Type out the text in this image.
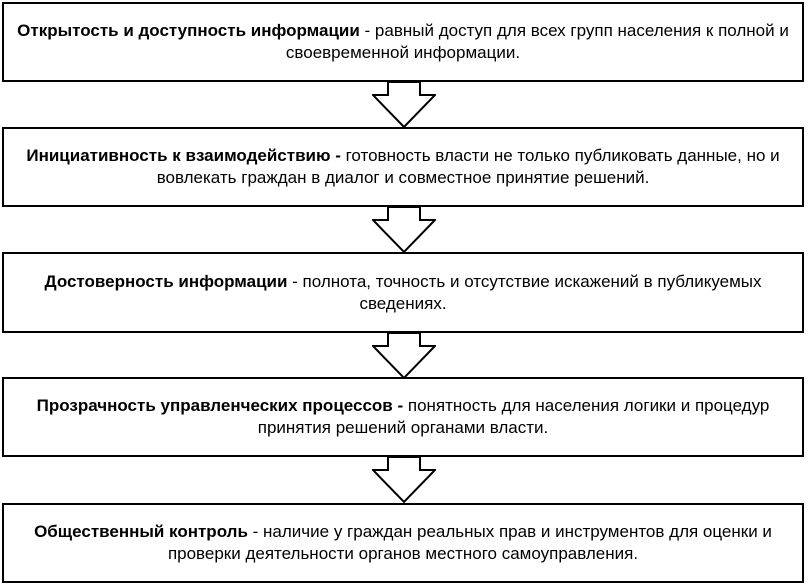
Открытость и доступность информации - равный доступ для всех групп населения к полной и своевременной информации.
Инициативность к взаимодействию - готовность власти не только публиковать данные, но и вовлекать граждан в диалог и совместное принятие решений.
Достоверность информации - полнота, точность и отсутствие искажений в публикуемых сведениях.
Прозрачность управленческих процессов - понятность для населения логики и процедур принятия решений органами власти.
Общественный контроль - наличие у граждан реальных прав и инструментов для оценки и проверки деятельности органов местного самоуправления.
